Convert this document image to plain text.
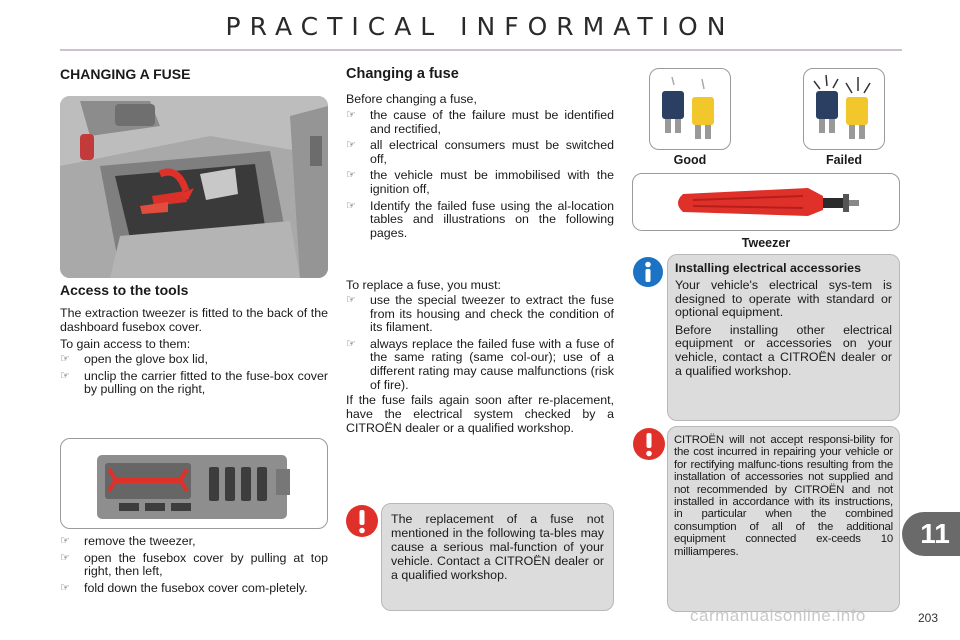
PRACTICAL INFORMATION
CHANGING A FUSE
Access to the tools

The extraction tweezer is fitted to the back of the dashboard fusebox cover.

To gain access to them:

☞ open the glove box lid,
☞ unclip the carrier fitted to the fuse-box cover by pulling on the right,
☞ remove the tweezer,
☞ open the fusebox cover by pulling at top right, then left,
☞ fold down the fusebox cover com-pletely.
Changing a fuse

Before changing a fuse,

☞ the cause of the failure must be identified and rectified,
☞ all electrical consumers must be switched off,
☞ the vehicle must be immobilised with the ignition off,
☞ Identify the failed fuse using the al-location tables and illustrations on the following pages.

To replace a fuse, you must:

☞ use the special tweezer to extract the fuse from its housing and check the condition of its filament.
☞ always replace the failed fuse with a fuse of the same rating (same col-our); use of a different rating may cause malfunctions (risk of fire).

If the fuse fails again soon after re-placement, have the electrical system checked by a CITROËN dealer or a qualified workshop.

The replacement of a fuse not mentioned in the following ta-bles may cause a serious mal-function of your vehicle. Contact a CITROËN dealer or a qualified workshop.

Good	Failed
Tweezer

Installing electrical accessories

Your vehicle's electrical sys-tem is designed to operate with standard or optional equipment.

Before installing other electrical equipment or accessories on your vehicle, contact a CITROËN dealer or a qualified workshop.

CITROËN will not accept responsi-bility for the cost incurred in repairing your vehicle or for rectifying malfunc-tions resulting from the installation of accessories not supplied and not recommended by CITROËN and not installed in accordance with its instructions, in particular when the combined consumption of all of the additional equipment connected ex-ceeds 10 milliamperes.

11
carmanualsonline.info	203
